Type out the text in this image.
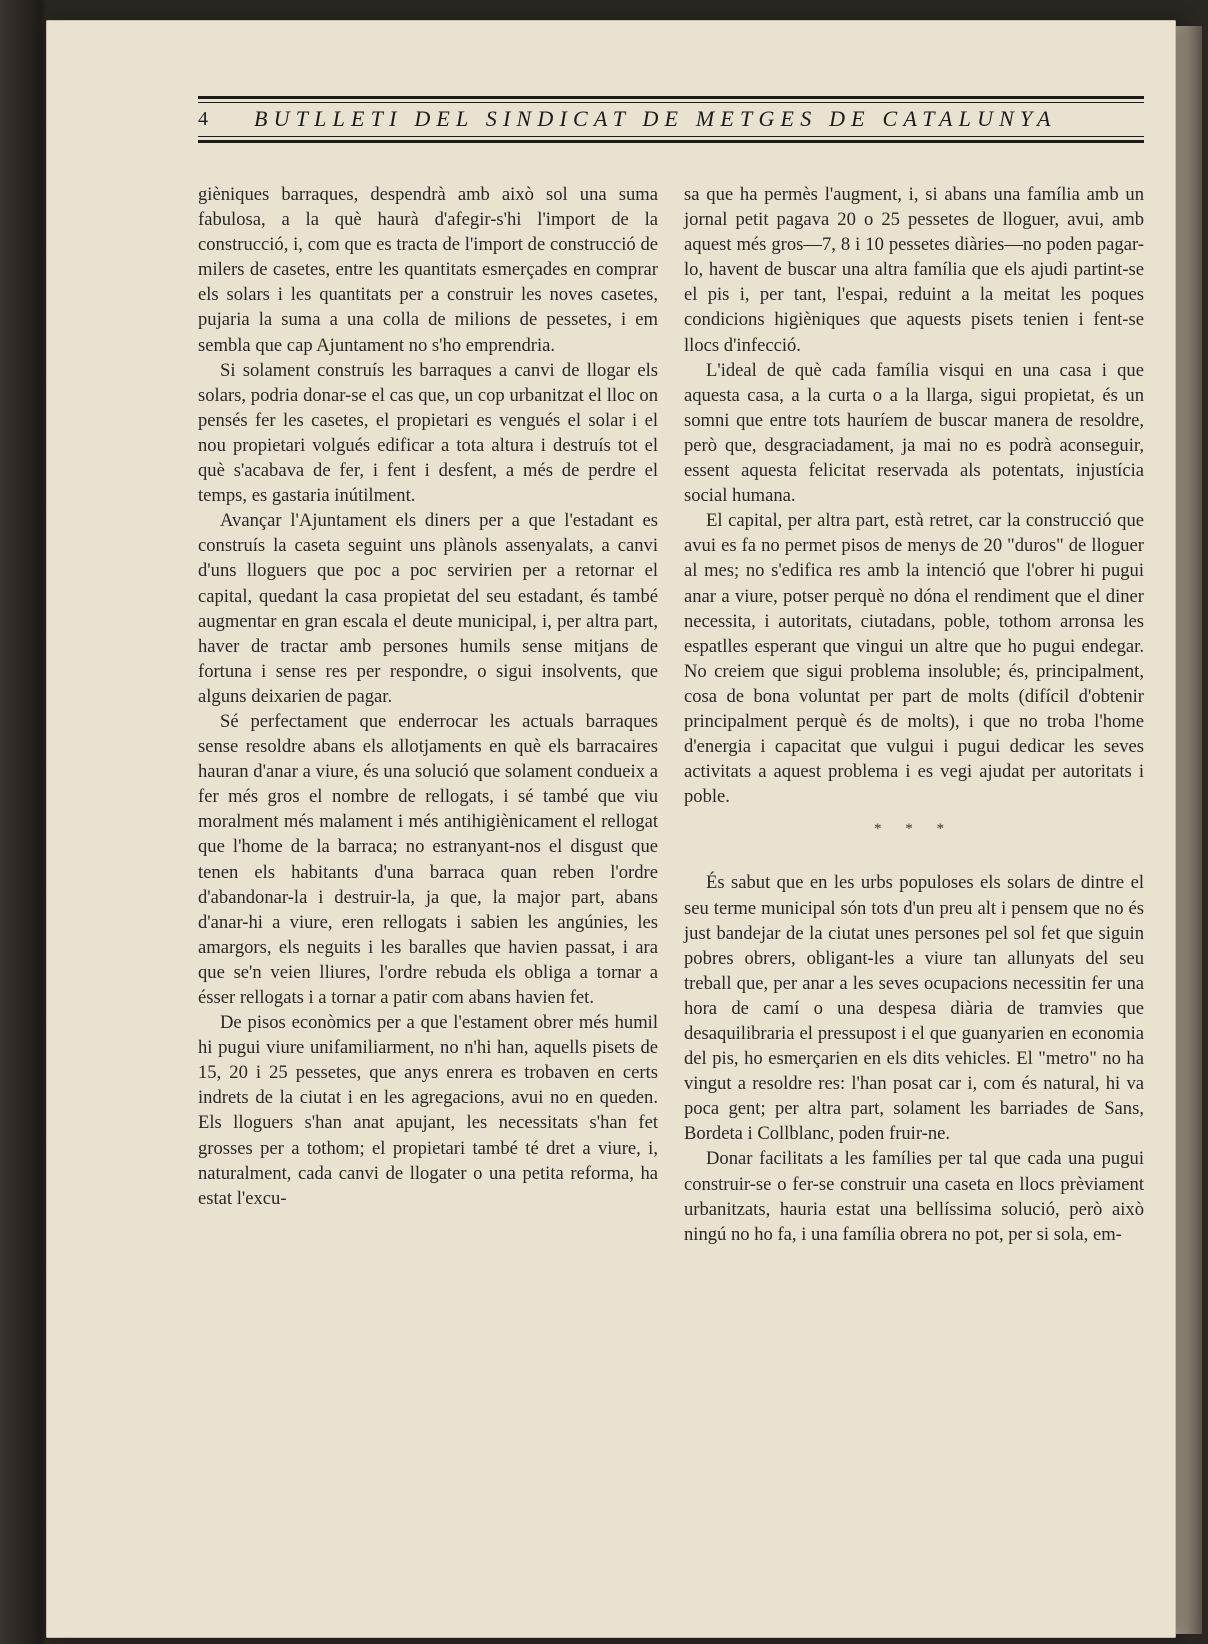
4 BUTLLETI DEL SINDICAT DE METGES DE CATALUNYA

gièniques barraques, despendrà amb això sol una suma fabulosa, a la què haurà d'afegir-s'hi l'import de la construcció, i, com que es tracta de l'import de construcció de milers de casetes, entre les quantitats esmerçades en comprar els solars i les quantitats per a construir les noves casetes, pujaria la suma a una colla de milions de pessetes, i em sembla que cap Ajuntament no s'ho emprendria.

Si solament construís les barraques a canvi de llogar els solars, podria donar-se el cas que, un cop urbanitzat el lloc on pensés fer les casetes, el propietari es vengués el solar i el nou propietari volgués edificar a tota altura i destruís tot el què s'acabava de fer, i fent i desfent, a més de perdre el temps, es gastaria inútilment.

Avançar l'Ajuntament els diners per a que l'estadant es construís la caseta seguint uns plànols assenyalats, a canvi d'uns lloguers que poc a poc servirien per a retornar el capital, quedant la casa propietat del seu estadant, és també augmentar en gran escala el deute municipal, i, per altra part, haver de tractar amb persones humils sense mitjans de fortuna i sense res per respondre, o sigui insolvents, que alguns deixarien de pagar.

Sé perfectament que enderrocar les actuals barraques sense resoldre abans els allotjaments en què els barracaires hauran d'anar a viure, és una solució que solament condueix a fer més gros el nombre de rellogats, i sé també que viu moralment més malament i més antihigiènicament el rellogat que l'home de la barraca; no estranyant-nos el disgust que tenen els habitants d'una barraca quan reben l'ordre d'abandonar-la i destruir-la, ja que, la major part, abans d'anar-hi a viure, eren rellogats i sabien les angúnies, les amargors, els neguits i les baralles que havien passat, i ara que se'n veien lliures, l'ordre rebuda els obliga a tornar a ésser rellogats i a tornar a patir com abans havien fet.

De pisos econòmics per a que l'estament obrer més humil hi pugui viure unifamiliarment, no n'hi han, aquells pisets de 15, 20 i 25 pessetes, que anys enrera es trobaven en certs indrets de la ciutat i en les agregacions, avui no en queden. Els lloguers s'han anat apujant, les necessitats s'han fet grosses per a tothom; el propietari també té dret a viure, i, naturalment, cada canvi de llogater o una petita reforma, ha estat l'excu-

sa que ha permès l'augment, i, si abans una família amb un jornal petit pagava 20 o 25 pessetes de lloguer, avui, amb aquest més gros—7, 8 i 10 pessetes diàries—no poden pagar-lo, havent de buscar una altra família que els ajudi partint-se el pis i, per tant, l'espai, reduint a la meitat les poques condicions higièniques que aquests pisets tenien i fent-se llocs d'infecció.

L'ideal de què cada família visqui en una casa i que aquesta casa, a la curta o a la llarga, sigui propietat, és un somni que entre tots hauríem de buscar manera de resoldre, però que, desgraciadament, ja mai no es podrà aconseguir, essent aquesta felicitat reservada als potentats, injustícia social humana.

El capital, per altra part, està retret, car la construcció que avui es fa no permet pisos de menys de 20 "duros" de lloguer al mes; no s'edifica res amb la intenció que l'obrer hi pugui anar a viure, potser perquè no dóna el rendiment que el diner necessita, i autoritats, ciutadans, poble, tothom arronsa les espatlles esperant que vingui un altre que ho pugui endegar. No creiem que sigui problema insoluble; és, principalment, cosa de bona voluntat per part de molts (difícil d'obtenir principalment perquè és de molts), i que no troba l'home d'energia i capacitat que vulgui i pugui dedicar les seves activitats a aquest problema i es vegi ajudat per autoritats i poble.

* * *

És sabut que en les urbs populoses els solars de dintre el seu terme municipal són tots d'un preu alt i pensem que no és just bandejar de la ciutat unes persones pel sol fet que siguin pobres obrers, obligant-les a viure tan allunyats del seu treball que, per anar a les seves ocupacions necessitin fer una hora de camí o una despesa diària de tramvies que desaquilibraria el pressupost i el que guanyarien en economia del pis, ho esmerçarien en els dits vehicles. El "metro" no ha vingut a resoldre res: l'han posat car i, com és natural, hi va poca gent; per altra part, solament les barriades de Sans, Bordeta i Collblanc, poden fruir-ne.

Donar facilitats a les famílies per tal que cada una pugui construir-se o fer-se construir una caseta en llocs prèviament urbanitzats, hauria estat una bellíssima solució, però això ningú no ho fa, i una família obrera no pot, per si sola, em-
